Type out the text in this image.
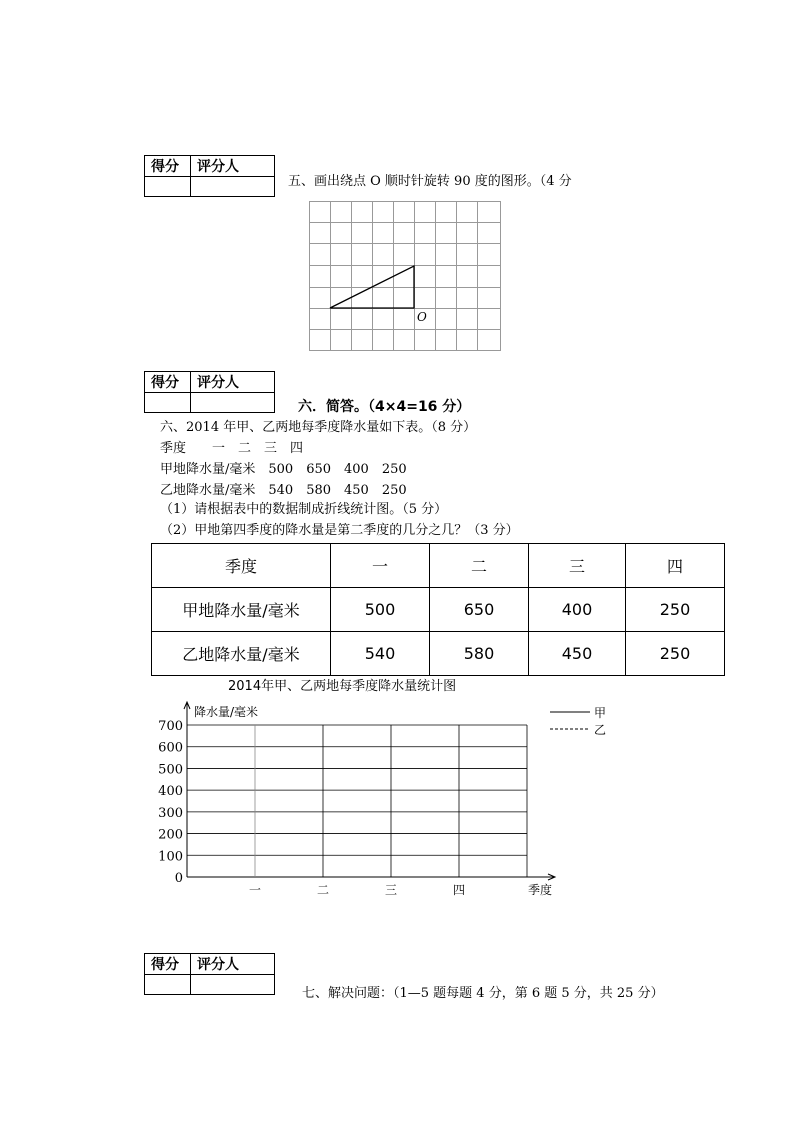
得分	评分人

五、画出绕点 O 顺时针旋转 90 度的图形。（4 分
O
得分	评分人

六．简答。（4×4=16 分）
六、2014 年甲、乙两地每季度降水量如下表。（8 分）
季度　　一　二　三　四
甲地降水量/毫米　500　650　400　250
乙地降水量/毫米　540　580　450　250
（1）请根据表中的数据制成折线统计图。（5 分）
（2）甲地第四季度的降水量是第二季度的几分之几？（3 分）
季度	一	二	三	四
甲地降水量/毫米	500	650	400	250
乙地降水量/毫米	540	580	450	250
2014年甲、乙两地每季度降水量统计图
0
100
200
300
400
500
600
700
一	二	三	四	季度
降水量/毫米	甲
乙
得分	评分人

七、解决问题：（1—5 题每题 4 分，第 6 题 5 分，共 25 分）
